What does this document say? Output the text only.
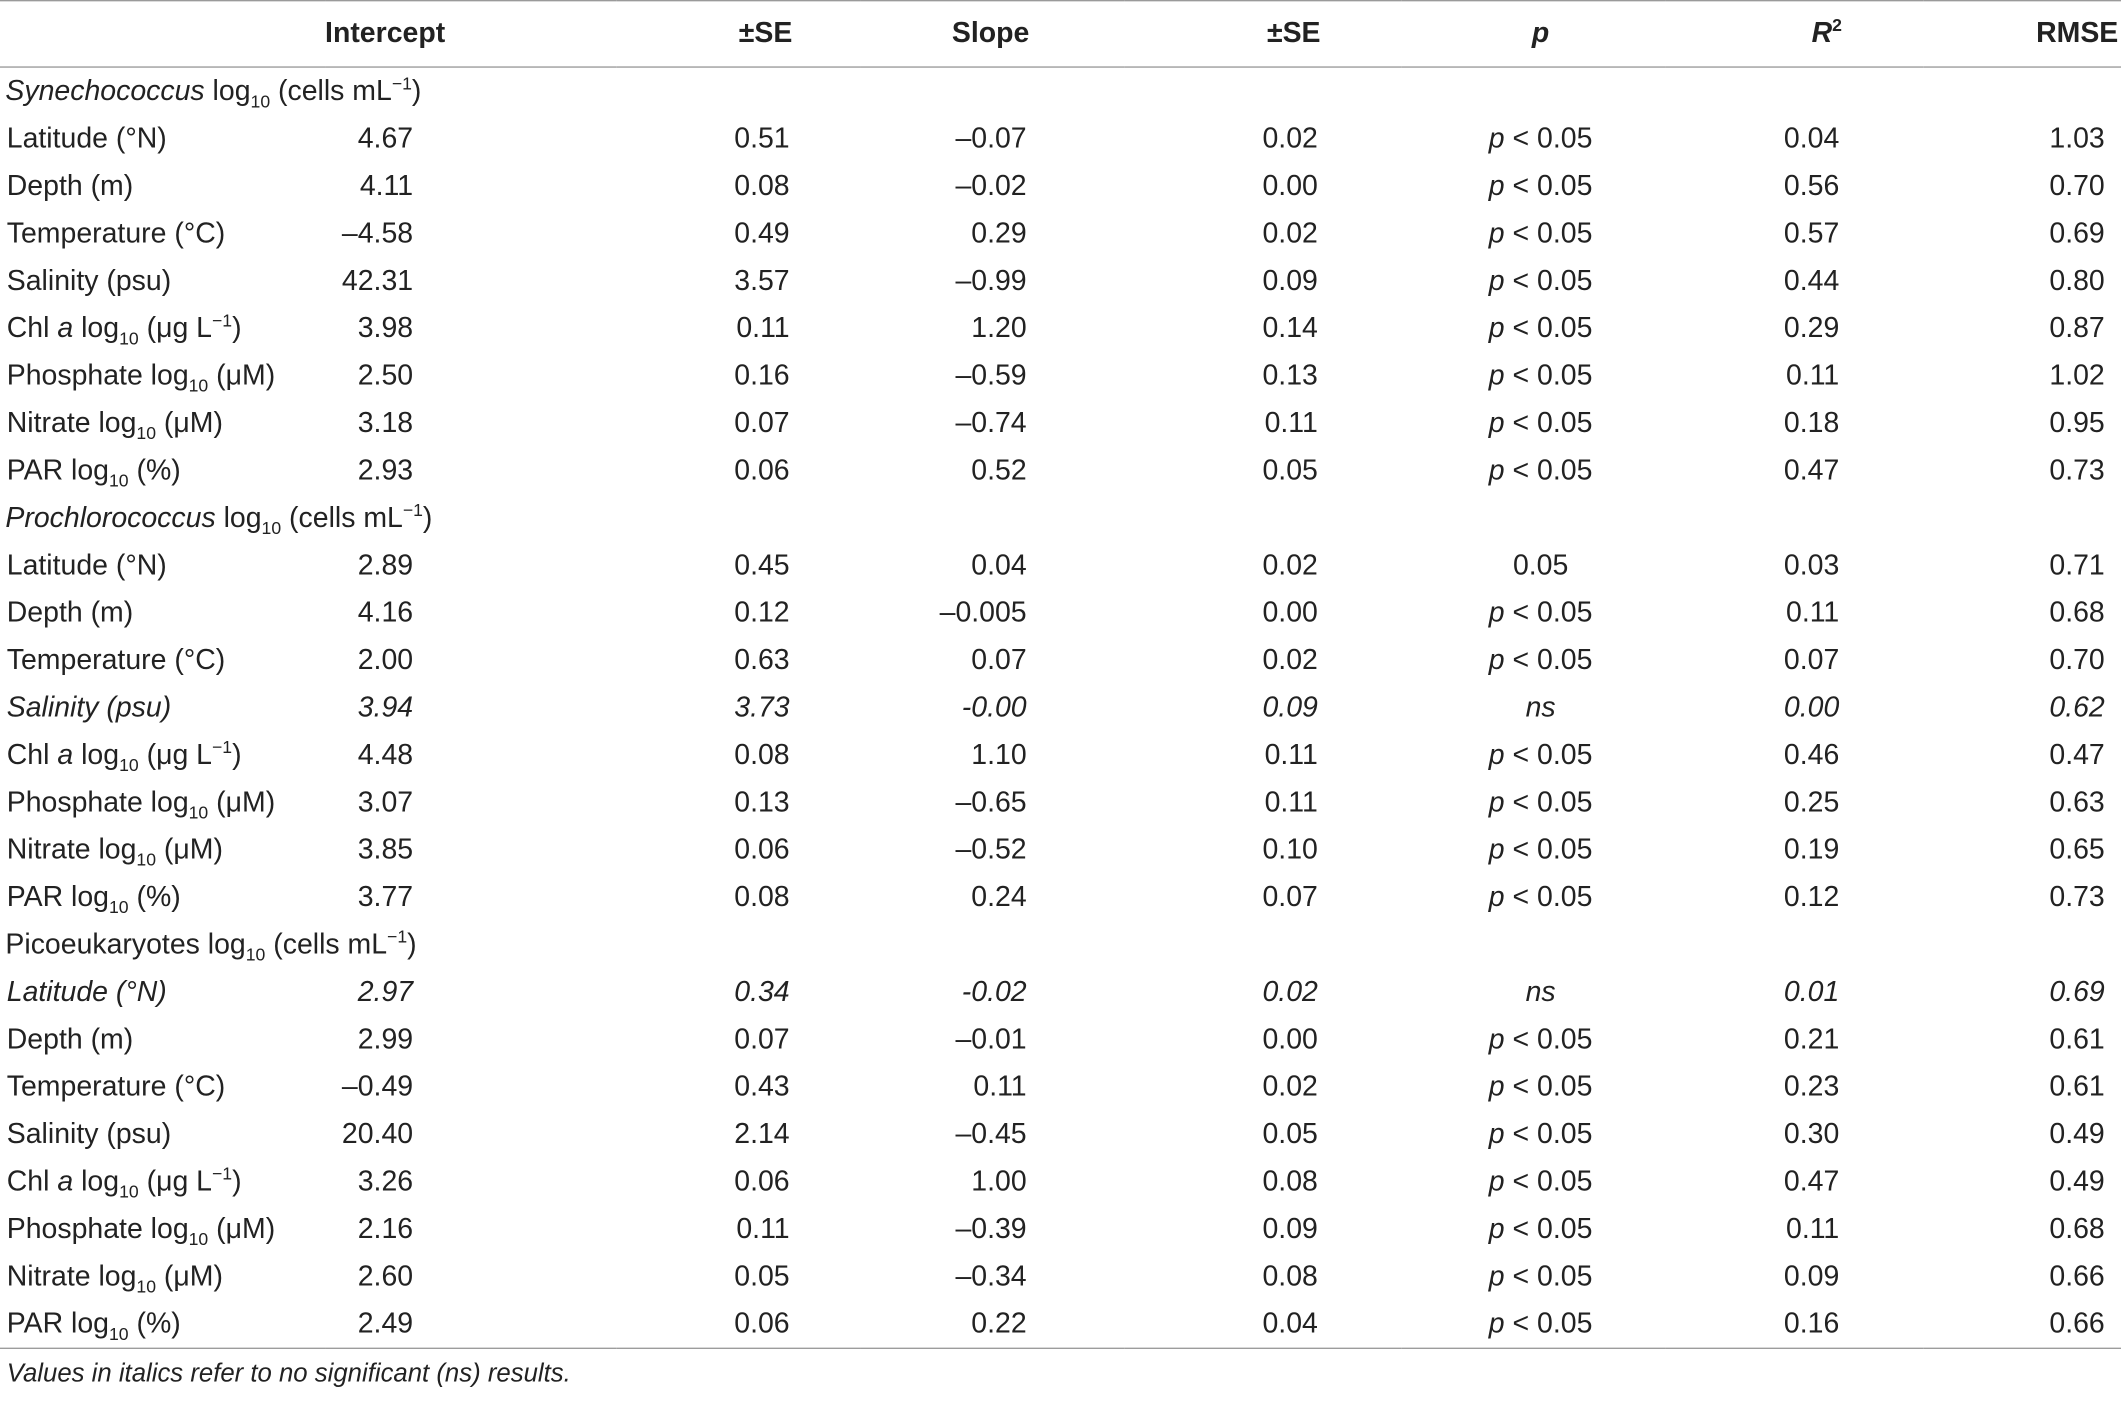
	Intercept	±SE	Slope	±SE	p	$R^2$	RMSE
Synechococcus $\log_{10}$ (cells $mL^{-1}$)							
Latitude (°N)	4.67	0.51	–0.07	0.02	p < 0.05	0.04	1.03
Depth (m)	4.11	0.08	–0.02	0.00	p < 0.05	0.56	0.70
Temperature (°C)	–4.58	0.49	0.29	0.02	p < 0.05	0.57	0.69
Salinity (psu)	42.31	3.57	–0.99	0.09	p < 0.05	0.44	0.80
Chl a $\log_{10} (\mu g$ $L^{-1}$)	3.98	0.11	1.20	0.14	p < 0.05	0.29	0.87
Phosphate $\log_{10} (\mu M)$	2.50	0.16	–0.59	0.13	p < 0.05	0.11	1.02
Nitrate $\log_{10} (\mu M)$	3.18	0.07	–0.74	0.11	p < 0.05	0.18	0.95
PAR $\log_{10}$ (%)	2.93	0.06	0.52	0.05	p < 0.05	0.47	0.73
Prochlorococcus $\log_{10}$ (cells $mL^{-1}$)							
Latitude (°N)	2.89	0.45	0.04	0.02	0.05	0.03	0.71
Depth (m)	4.16	0.12	–0.005	0.00	p < 0.05	0.11	0.68
Temperature (°C)	2.00	0.63	0.07	0.02	p < 0.05	0.07	0.70
Salinity (psu)	3.94	3.73	-0.00	0.09	ns	0.00	0.62
Chl a $\log_{10} (\mu g$ $L^{-1}$)	4.48	0.08	1.10	0.11	p < 0.05	0.46	0.47
Phosphate $\log_{10} (\mu M)$	3.07	0.13	–0.65	0.11	p < 0.05	0.25	0.63
Nitrate $\log_{10} (\mu M)$	3.85	0.06	–0.52	0.10	p < 0.05	0.19	0.65
PAR $\log_{10}$ (%)	3.77	0.08	0.24	0.07	p < 0.05	0.12	0.73
Picoeukaryotes $\log_{10}$ (cells $mL^{-1}$)							
Latitude (°N)	2.97	0.34	-0.02	0.02	ns	0.01	0.69
Depth (m)	2.99	0.07	–0.01	0.00	p < 0.05	0.21	0.61
Temperature (°C)	–0.49	0.43	0.11	0.02	p < 0.05	0.23	0.61
Salinity (psu)	20.40	2.14	–0.45	0.05	p < 0.05	0.30	0.49
Chl a $\log_{10} (\mu g$ $L^{-1}$)	3.26	0.06	1.00	0.08	p < 0.05	0.47	0.49
Phosphate $\log_{10} (\mu M)$	2.16	0.11	–0.39	0.09	p < 0.05	0.11	0.68
Nitrate $\log_{10} (\mu M)$	2.60	0.05	–0.34	0.08	p < 0.05	0.09	0.66
PAR $\log_{10}$ (%)	2.49	0.06	0.22	0.04	p < 0.05	0.16	0.66
Values in italics refer to no significant (ns) results.
